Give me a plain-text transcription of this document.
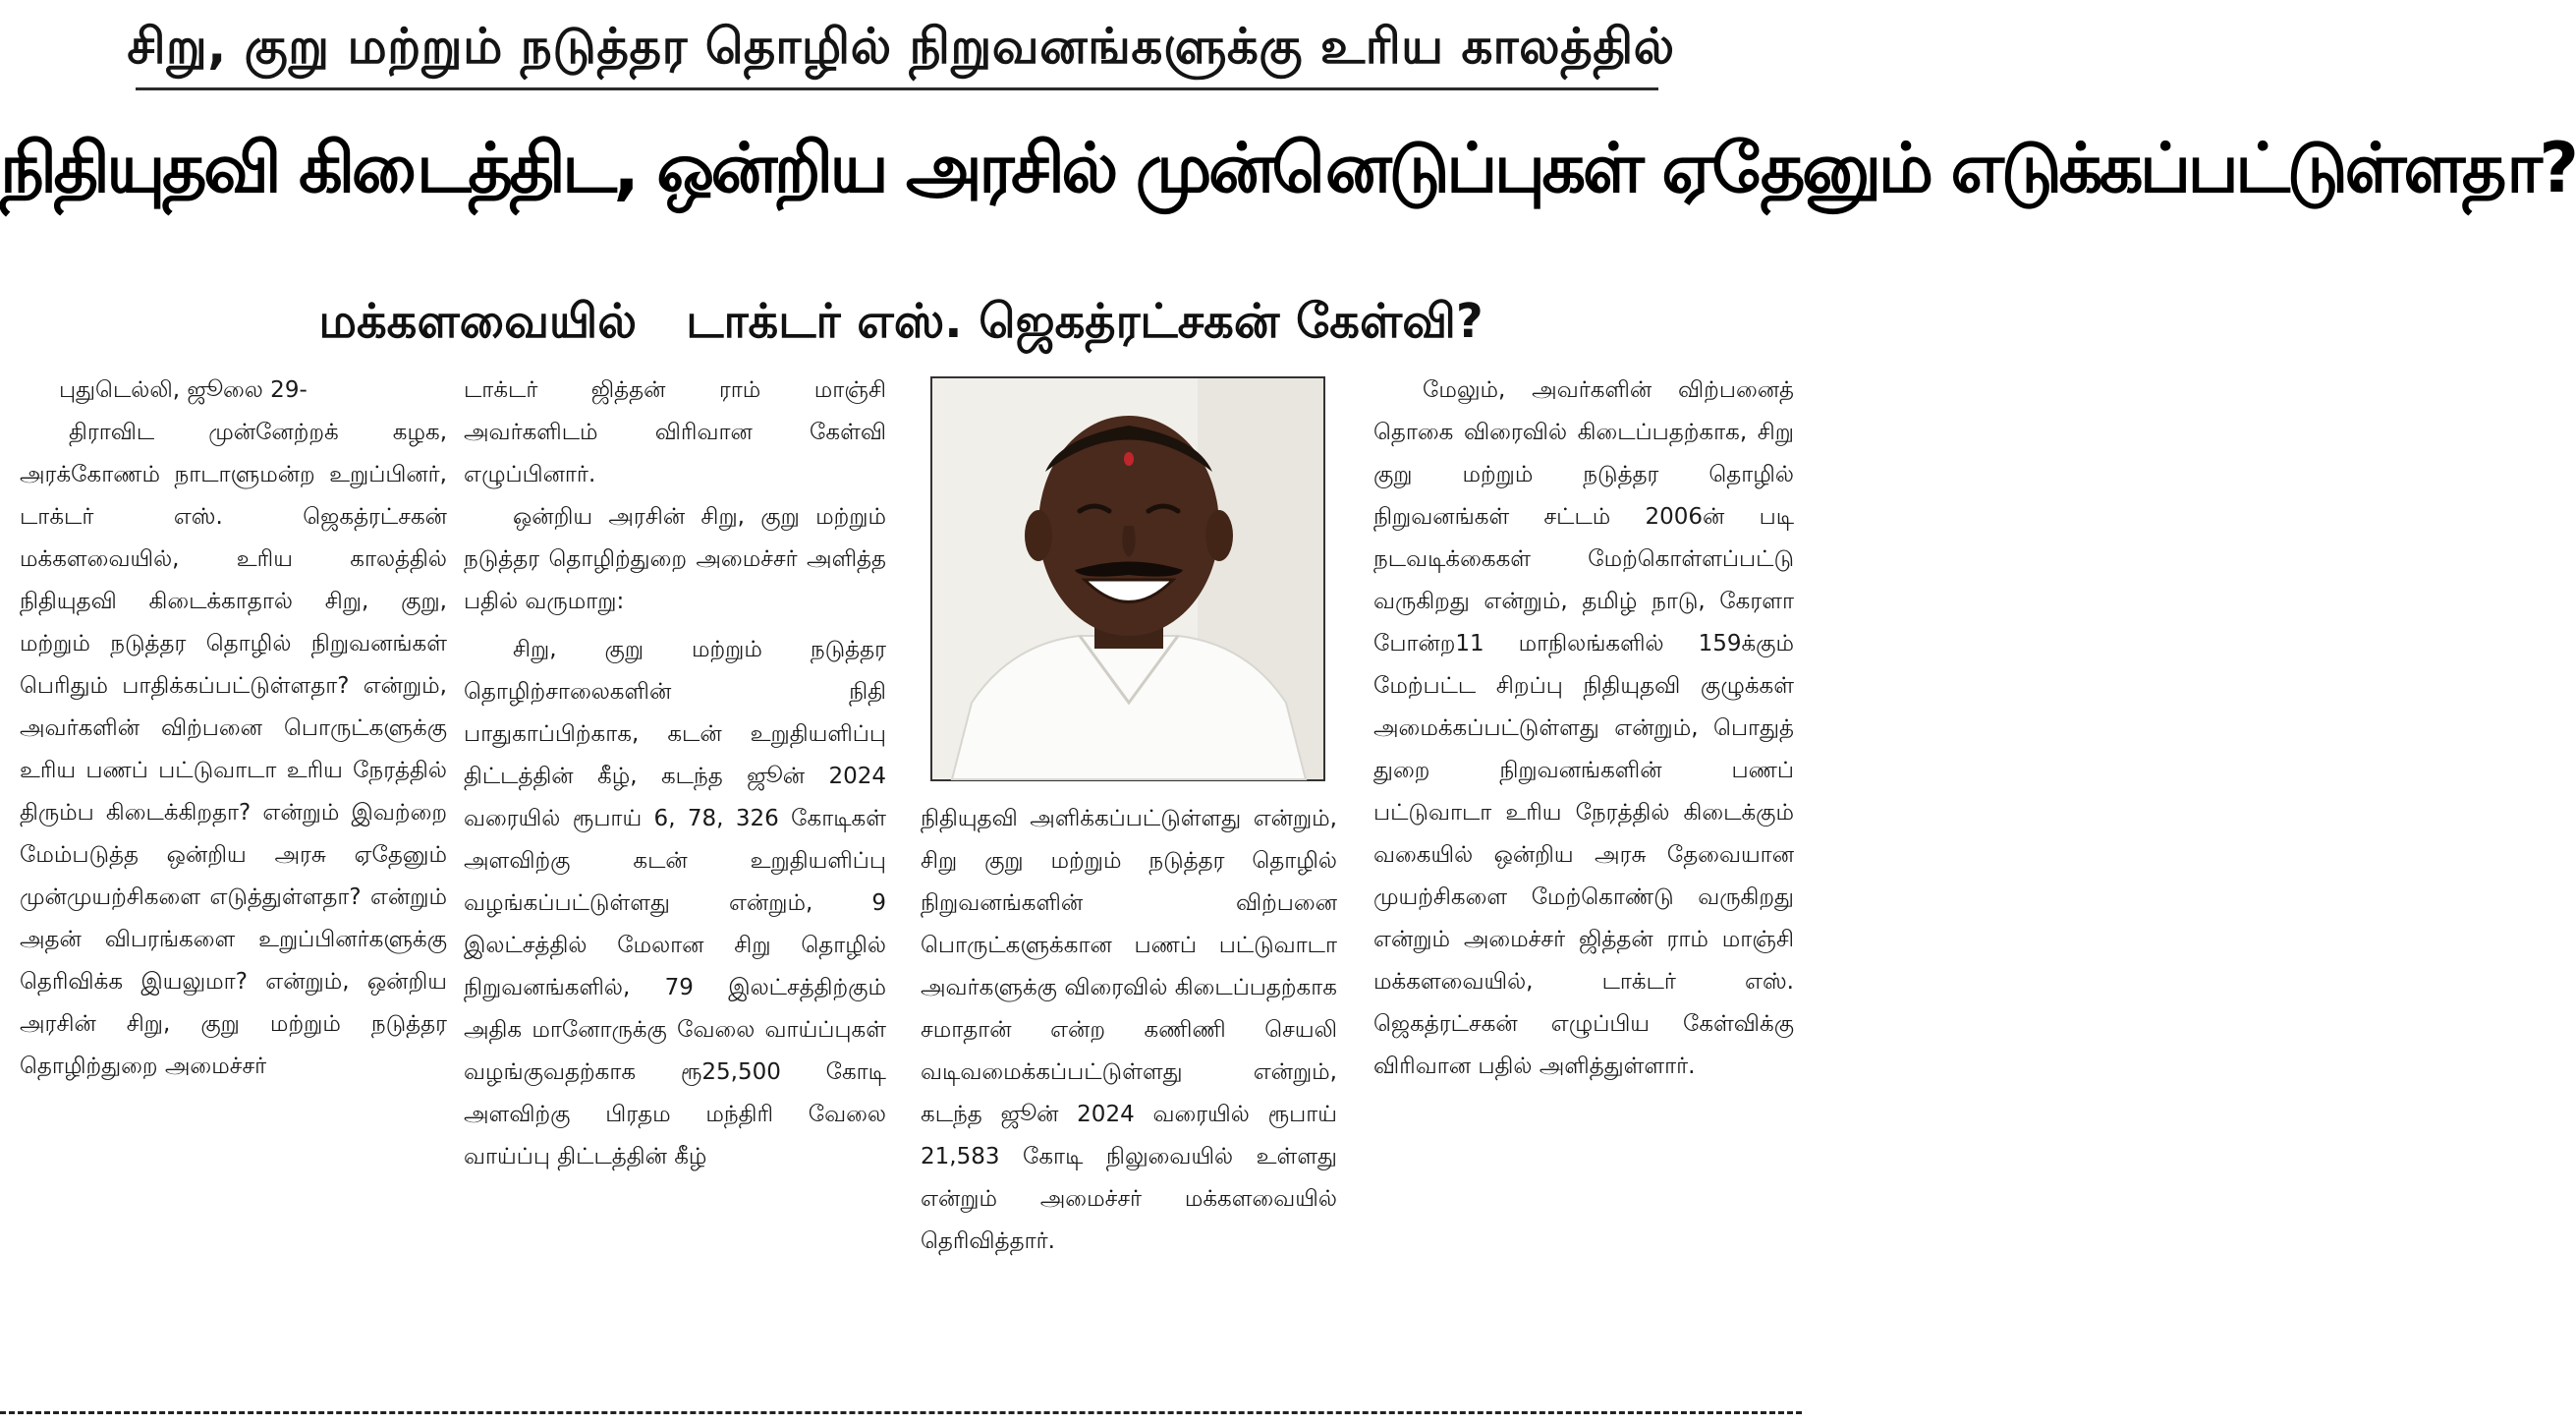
சிறு, குறு மற்றும் நடுத்தர தொழில் நிறுவனங்களுக்கு உரிய காலத்தில்
நிதியுதவி கிடைத்திட, ஒன்றிய அரசில் முன்னெடுப்புகள் ஏதேனும் எடுக்கப்பட்டுள்ளதா?
மக்களவையில்   டாக்டர் எஸ். ஜெகத்ரட்சகன் கேள்வி?

புதுடெல்லி, ஜூலை 29-

திராவிட முன்னேற்றக் கழக, அரக்கோணம் நாடாளுமன்ற உறுப்பினர், டாக்டர் எஸ். ஜெகத்ரட்சகன் மக்களவையில், உரிய காலத்தில் நிதியுதவி கிடைக்காதால் சிறு, குறு, மற்றும் நடுத்தர தொழில் நிறுவனங்கள் பெரிதும் பாதிக்கப்பட்டுள்ளதா? என்றும், அவர்களின் விற்பனை பொருட்களுக்கு உரிய பணப் பட்டுவாடா உரிய நேரத்தில் திரும்ப கிடைக்கிறதா? என்றும் இவற்றை மேம்படுத்த ஒன்றிய அரசு ஏதேனும் முன்முயற்சிகளை எடுத்துள்ளதா? என்றும் அதன் விபரங்களை உறுப்பினர்களுக்கு தெரிவிக்க இயலுமா? என்றும், ஒன்றிய அரசின் சிறு, குறு மற்றும் நடுத்தர தொழிற்துறை அமைச்சர்

டாக்டர் ஜித்தன் ராம் மாஞ்சி அவர்களிடம் விரிவான கேள்வி எழுப்பினார்.

ஒன்றிய அரசின் சிறு, குறு மற்றும் நடுத்தர தொழிற்துறை அமைச்சர் அளித்த பதில் வருமாறு:

சிறு, குறு மற்றும் நடுத்தர தொழிற்சாலைகளின் நிதி பாதுகாப்பிற்காக, கடன் உறுதியளிப்பு திட்டத்தின் கீழ், கடந்த ஜூன் 2024 வரையில் ரூபாய் 6, 78, 326 கோடிகள் அளவிற்கு கடன் உறுதியளிப்பு வழங்கப்பட்டுள்ளது என்றும், 9 இலட்சத்தில் மேலான சிறு தொழில் நிறுவனங்களில், 79 இலட்சத்திற்கும் அதிக மானோருக்கு வேலை வாய்ப்புகள் வழங்குவதற்காக ரூ25,500 கோடி அளவிற்கு பிரதம மந்திரி வேலை வாய்ப்பு திட்டத்தின் கீழ்

நிதியுதவி அளிக்கப்பட்டுள்ளது என்றும், சிறு குறு மற்றும் நடுத்தர தொழில் நிறுவனங்களின் விற்பனை பொருட்களுக்கான பணப் பட்டுவாடா அவர்களுக்கு விரைவில் கிடைப்பதற்காக சமாதான் என்ற கணிணி செயலி வடிவமைக்கப்பட்டுள்ளது என்றும், கடந்த ஜூன் 2024 வரையில் ரூபாய் 21,583 கோடி நிலுவையில் உள்ளது என்றும் அமைச்சர் மக்களவையில் தெரிவித்தார்.

மேலும், அவர்களின் விற்பனைத் தொகை விரைவில் கிடைப்பதற்காக, சிறு குறு மற்றும் நடுத்தர தொழில் நிறுவனங்கள் சட்டம் 2006ன் படி நடவடிக்கைகள் மேற்கொள்ளப்பட்டு வருகிறது என்றும், தமிழ் நாடு, கேரளா போன்ற11 மாநிலங்களில் 159க்கும் மேற்பட்ட சிறப்பு நிதியுதவி குழுக்கள் அமைக்கப்பட்டுள்ளது என்றும், பொதுத் துறை நிறுவனங்களின் பணப் பட்டுவாடா உரிய நேரத்தில் கிடைக்கும் வகையில் ஒன்றிய அரசு தேவையான முயற்சிகளை மேற்கொண்டு வருகிறது என்றும் அமைச்சர் ஜித்தன் ராம் மாஞ்சி மக்களவையில், டாக்டர் எஸ். ஜெகத்ரட்சகன் எழுப்பிய கேள்விக்கு விரிவான பதில் அளித்துள்ளார்.
